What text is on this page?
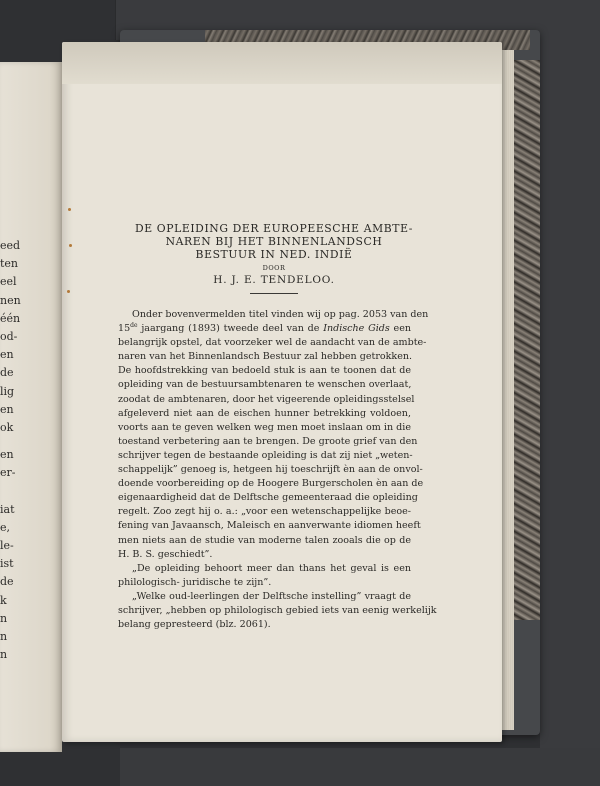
eed
ten
eel
nen
één
od-
en
de
lig
en
ok
en
er-
iat
e,
le-
ist
de
k
n
n
n

DE OPLEIDING DER EUROPEESCHE AMBTE-

NAREN BIJ HET BINNENLANDSCH

BESTUUR IN NED. INDIË

DOOR

H. J. E. TENDELOO.

Onder bovenvermelden titel vinden wij op pag. 2053 van den
15de jaargang (1893) tweede deel van de Indische Gids een
belangrijk opstel, dat voorzeker wel de aandacht van de ambte-
naren van het Binnenlandsch Bestuur zal hebben getrokken.
De hoofdstrekking van bedoeld stuk is aan te toonen dat de
opleiding van de bestuursambtenaren te wenschen overlaat,
zoodat de ambtenaren, door het vigeerende opleidingsstelsel
afgeleverd niet aan de eischen hunner betrekking voldoen,
voorts aan te geven welken weg men moet inslaan om in die
toestand verbetering aan te brengen. De groote grief van den
schrijver tegen de bestaande opleiding is dat zij niet „weten-
schappelijk” genoeg is, hetgeen hij toeschrijft èn aan de onvol-
doende voorbereiding op de Hoogere Burgerscholen èn aan de
eigenaardigheid dat de Delftsche gemeenteraad die opleiding
regelt. Zoo zegt hij o. a.: „voor een wetenschappelijke beoe-
fening van Javaansch, Maleisch en aanverwante idiomen heeft
men niets aan de studie van moderne talen zooals die op de
H. B. S. geschiedt”.
„De opleiding behoort meer dan thans het geval is een
philologisch- juridische te zijn”.
„Welke oud-leerlingen der Delftsche instelling” vraagt de
schrijver, „hebben op philologisch gebied iets van eenig werkelijk
belang gepresteerd (blz. 2061).
